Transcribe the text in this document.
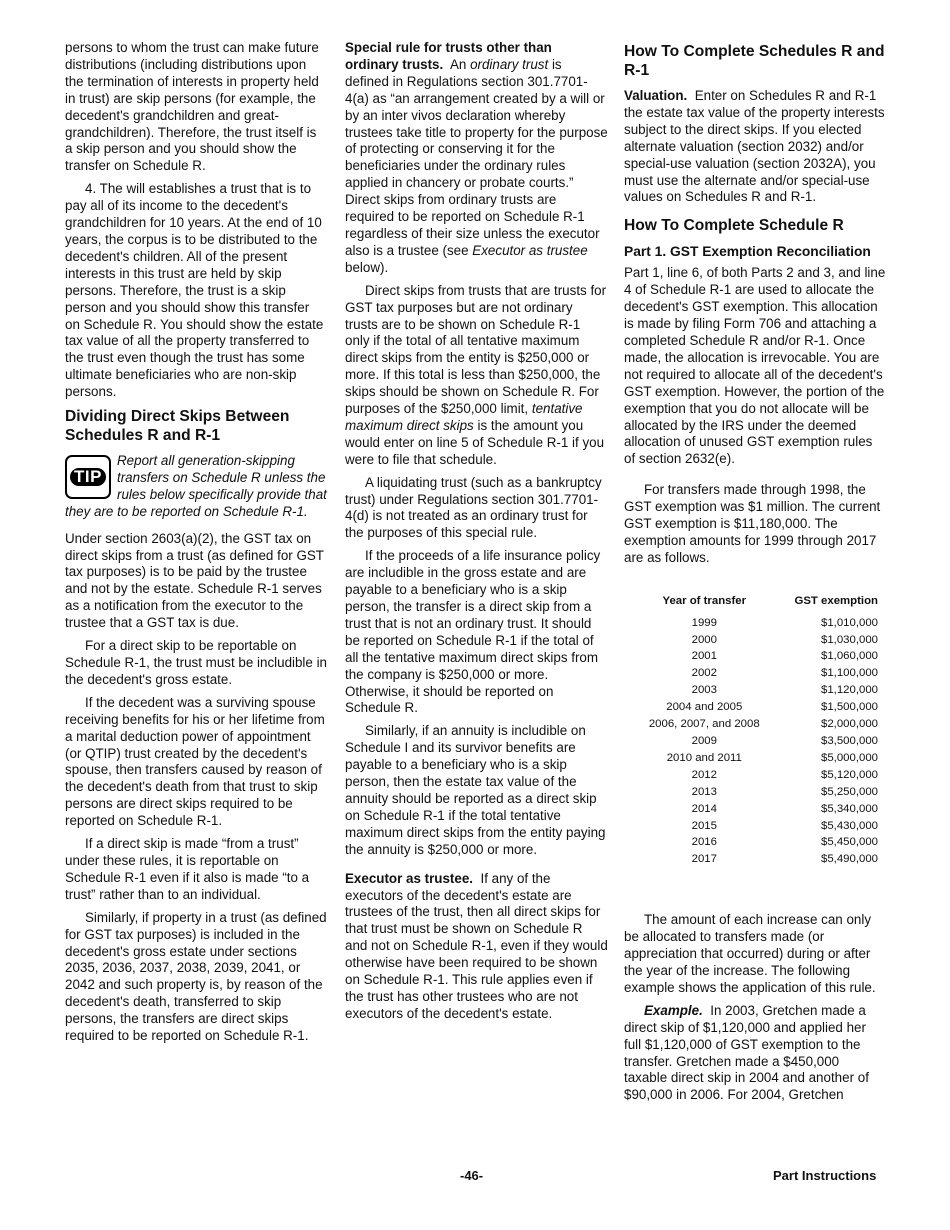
persons to whom the trust can make future distributions (including distributions upon the termination of interests in property held in trust) are skip persons (for example, the decedent's grandchildren and great-grandchildren). Therefore, the trust itself is a skip person and you should show the transfer on Schedule R.

4. The will establishes a trust that is to pay all of its income to the decedent's grandchildren for 10 years. At the end of 10 years, the corpus is to be distributed to the decedent's children. All of the present interests in this trust are held by skip persons. Therefore, the trust is a skip person and you should show this transfer on Schedule R. You should show the estate tax value of all the property transferred to the trust even though the trust has some ultimate beneficiaries who are non-skip persons.

Dividing Direct Skips Between Schedules R and R-1
TIP
Report all generation-skipping transfers on Schedule R unless the rules below specifically provide that they are to be reported on Schedule R-1.

Under section 2603(a)(2), the GST tax on direct skips from a trust (as defined for GST tax purposes) is to be paid by the trustee and not by the estate. Schedule R-1 serves as a notification from the executor to the trustee that a GST tax is due.

For a direct skip to be reportable on Schedule R-1, the trust must be includible in the decedent's gross estate.

If the decedent was a surviving spouse receiving benefits for his or her lifetime from a marital deduction power of appointment (or QTIP) trust created by the decedent's spouse, then transfers caused by reason of the decedent's death from that trust to skip persons are direct skips required to be reported on Schedule R-1.

If a direct skip is made “from a trust” under these rules, it is reportable on Schedule R-1 even if it also is made “to a trust” rather than to an individual.

Similarly, if property in a trust (as defined for GST tax purposes) is included in the decedent's gross estate under sections 2035, 2036, 2037, 2038, 2039, 2041, or 2042 and such property is, by reason of the decedent's death, transferred to skip persons, the transfers are direct skips required to be reported on Schedule R-1.

Special rule for trusts other than ordinary trusts. An ordinary trust is defined in Regulations section 301.7701-4(a) as “an arrangement created by a will or by an inter vivos declaration whereby trustees take title to property for the purpose of protecting or conserving it for the beneficiaries under the ordinary rules applied in chancery or probate courts.” Direct skips from ordinary trusts are required to be reported on Schedule R-1 regardless of their size unless the executor also is a trustee (see Executor as trustee below).

Direct skips from trusts that are trusts for GST tax purposes but are not ordinary trusts are to be shown on Schedule R-1 only if the total of all tentative maximum direct skips from the entity is $250,000 or more. If this total is less than $250,000, the skips should be shown on Schedule R. For purposes of the $250,000 limit, tentative maximum direct skips is the amount you would enter on line 5 of Schedule R-1 if you were to file that schedule.

A liquidating trust (such as a bankruptcy trust) under Regulations section 301.7701-4(d) is not treated as an ordinary trust for the purposes of this special rule.

If the proceeds of a life insurance policy are includible in the gross estate and are payable to a beneficiary who is a skip person, the transfer is a direct skip from a trust that is not an ordinary trust. It should be reported on Schedule R-1 if the total of all the tentative maximum direct skips from the company is $250,000 or more. Otherwise, it should be reported on Schedule R.

Similarly, if an annuity is includible on Schedule I and its survivor benefits are payable to a beneficiary who is a skip person, then the estate tax value of the annuity should be reported as a direct skip on Schedule R-1 if the total tentative maximum direct skips from the entity paying the annuity is $250,000 or more.

Executor as trustee. If any of the executors of the decedent's estate are trustees of the trust, then all direct skips for that trust must be shown on Schedule R and not on Schedule R-1, even if they would otherwise have been required to be shown on Schedule R-1. This rule applies even if the trust has other trustees who are not executors of the decedent's estate.

How To Complete Schedules R and R-1

Valuation. Enter on Schedules R and R-1 the estate tax value of the property interests subject to the direct skips. If you elected alternate valuation (section 2032) and/or special-use valuation (section 2032A), you must use the alternate and/or special-use values on Schedules R and R-1.

How To Complete Schedule R
Part 1. GST Exemption Reconciliation

Part 1, line 6, of both Parts 2 and 3, and line 4 of Schedule R-1 are used to allocate the decedent's GST exemption. This allocation is made by filing Form 706 and attaching a completed Schedule R and/or R-1. Once made, the allocation is irrevocable. You are not required to allocate all of the decedent's GST exemption. However, the portion of the exemption that you do not allocate will be allocated by the IRS under the deemed allocation of unused GST exemption rules of section 2632(e).

For transfers made through 1998, the GST exemption was $1 million. The current GST exemption is $11,180,000. The exemption amounts for 1999 through 2017 are as follows.

Year of transfer	GST exemption
1999	$1,010,000
2000	$1,030,000
2001	$1,060,000
2002	$1,100,000
2003	$1,120,000
2004 and 2005	$1,500,000
2006, 2007, and 2008	$2,000,000
2009	$3,500,000
2010 and 2011	$5,000,000
2012	$5,120,000
2013	$5,250,000
2014	$5,340,000
2015	$5,430,000
2016	$5,450,000
2017	$5,490,000

The amount of each increase can only be allocated to transfers made (or appreciation that occurred) during or after the year of the increase. The following example shows the application of this rule.

Example. In 2003, Gretchen made a direct skip of $1,120,000 and applied her full $1,120,000 of GST exemption to the transfer. Gretchen made a $450,000 taxable direct skip in 2004 and another of $90,000 in 2006. For 2004, Gretchen

-46-	Part Instructions
